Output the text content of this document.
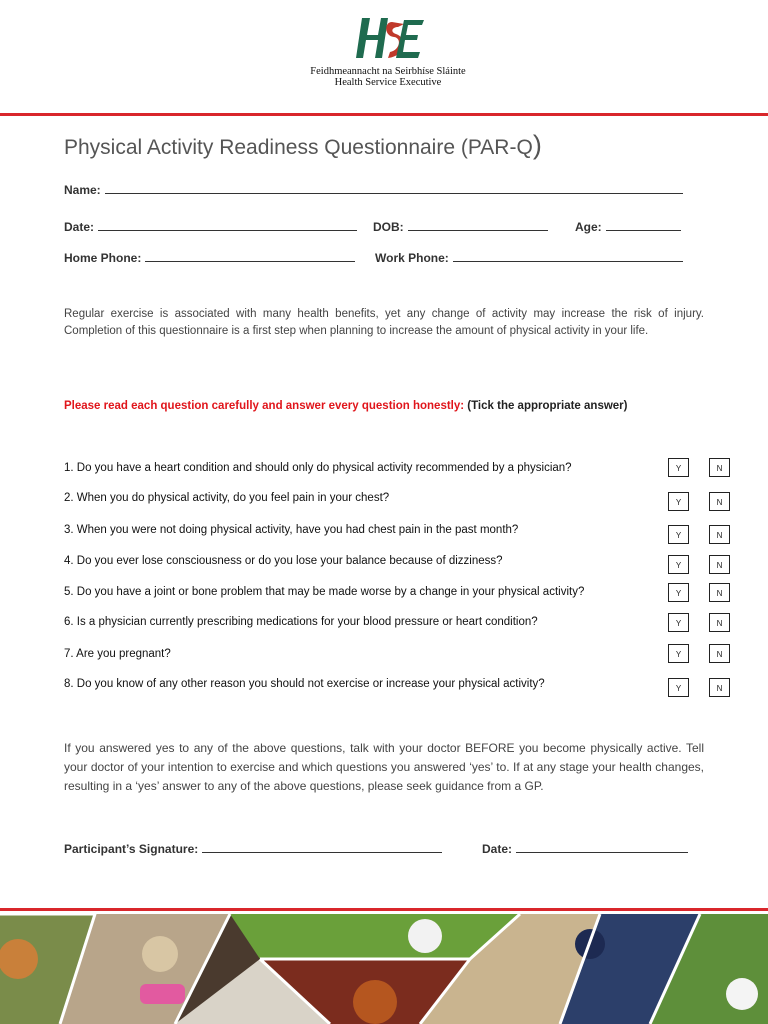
Feidhmeannacht na Seirbhíse Sláinte
Health Service Executive
Physical Activity Readiness Questionnaire (PAR-Q)
Name:
Date:	DOB:	Age:
Home Phone:	Work Phone:
Regular exercise is associated with many health benefits, yet any change of activity may increase the risk of injury. Completion of this questionnaire is a first step when planning to increase the amount of physical activity in your life.
Please read each question carefully and answer every question honestly: (Tick the appropriate answer)
1. Do you have a heart condition and should only do physical activity recommended by a physician?	Y	N
2. When you do physical activity, do you feel pain in your chest?	Y	N
3. When you were not doing physical activity, have you had chest pain in the past month?	Y	N
4. Do you ever lose consciousness or do you lose your balance because of dizziness?	Y	N
5. Do you have a joint or bone problem that may be made worse by a change in your physical activity?	Y	N
6. Is a physician currently prescribing medications for your blood pressure or heart condition?	Y	N
7. Are you pregnant?	Y	N
8. Do you know of any other reason you should not exercise or increase your physical activity?	Y	N
If you answered yes to any of the above questions, talk with your doctor BEFORE you become physically active. Tell your doctor of your intention to exercise and which questions you answered ‘yes’ to. If at any stage your health changes, resulting in a ‘yes’ answer to any of the above questions, please seek guidance from a GP.
Participant’s Signature:	Date:
